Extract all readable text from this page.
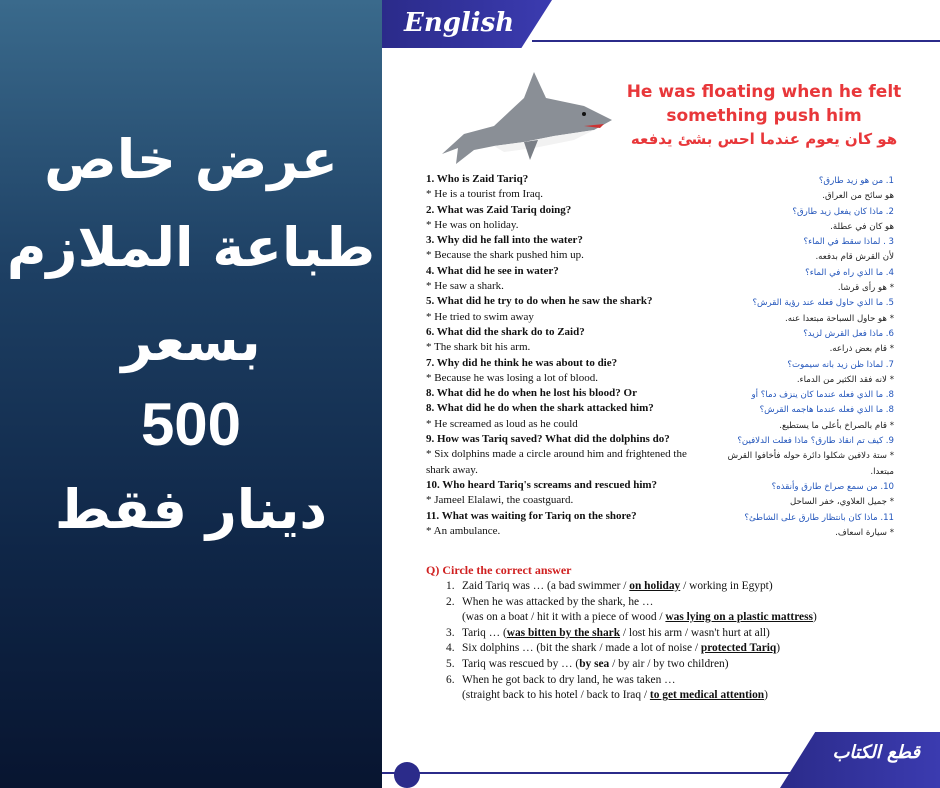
عرض خاص
طباعة الملازم
بسعر
500
دينار فقط
English
He was floating when he felt something push him
هو كان يعوم عندما احس بشئ يدفعه
1. Who is Zaid Tariq?
* He is a tourist from Iraq.
2. What was Zaid Tariq doing?
* He was on holiday.
3. Why did he fall into the water?
* Because the shark pushed him up.
4. What did he see in water?
* He saw a shark.
5. What did he try to do when he saw the shark?
* He tried to swim away
6. What did the shark do to Zaid?
* The shark bit his arm.
7. Why did he think he was about to die?
* Because he was losing a lot of blood.
8. What did he do when he lost his blood? Or
8. What did he do when the shark attacked him?
* He screamed as loud as he could
9. How was Tariq saved? What did the dolphins do?
* Six dolphins made a circle around him and frightened the shark away.
10. Who heard Tariq's screams and rescued him?
* Jameel Elalawi, the coastguard.
11. What was waiting for Tariq on the shore?
* An ambulance.
1. من هو زيد طارق؟
هو سائح من العراق.
2. ماذا كان يفعل زيد طارق؟
هو كان في عطلة.
3 . لماذا سقط في الماء؟
لأن القرش قام بدفعه.
4. ما الذي راه في الماء؟
* هو رأى قرشا.
5. ما الذي حاول فعله عند رؤية القرش؟
* هو حاول السباحة مبتعدا عنه.
6. ماذا فعل القرش لزيد؟
* قام بعض ذراعه.
7. لماذا ظن زيد بانه سيموت؟
* لانه فقد الكثير من الدماء.
8. ما الذي فعله عندما كان ينزف دما؟ أو
8. ما الذي فعله عندما هاجمه القرش؟
* قام بالصراخ بأعلى ما يستطيع.
9. كيف تم انقاذ طارق؟ ماذا فعلت الدلافين؟
* ستة دلافين شكلوا دائرة حوله فأخافوا القرش مبتعدا.
10. من سمع صراخ طارق وأنقذه؟
* جميل العلاوي، خفر الساحل
11. ماذا كان بانتظار طارق على الشاطئ؟
* سيارة اسعاف.
Q) Circle the correct answer
1. Zaid Tariq was … (a bad swimmer / on holiday / working in Egypt)
2. When he was attacked by the shark, he …
(was on a boat / hit it with a piece of wood / was lying on a plastic mattress)
3. Tariq … (was bitten by the shark / lost his arm / wasn't hurt at all)
4. Six dolphins … (bit the shark / made a lot of noise / protected Tariq)
5. Tariq was rescued by … (by sea / by air / by two children)
6. When he got back to dry land, he was taken …
(straight back to his hotel / back to Iraq / to get medical attention)
قطع الكتاب
